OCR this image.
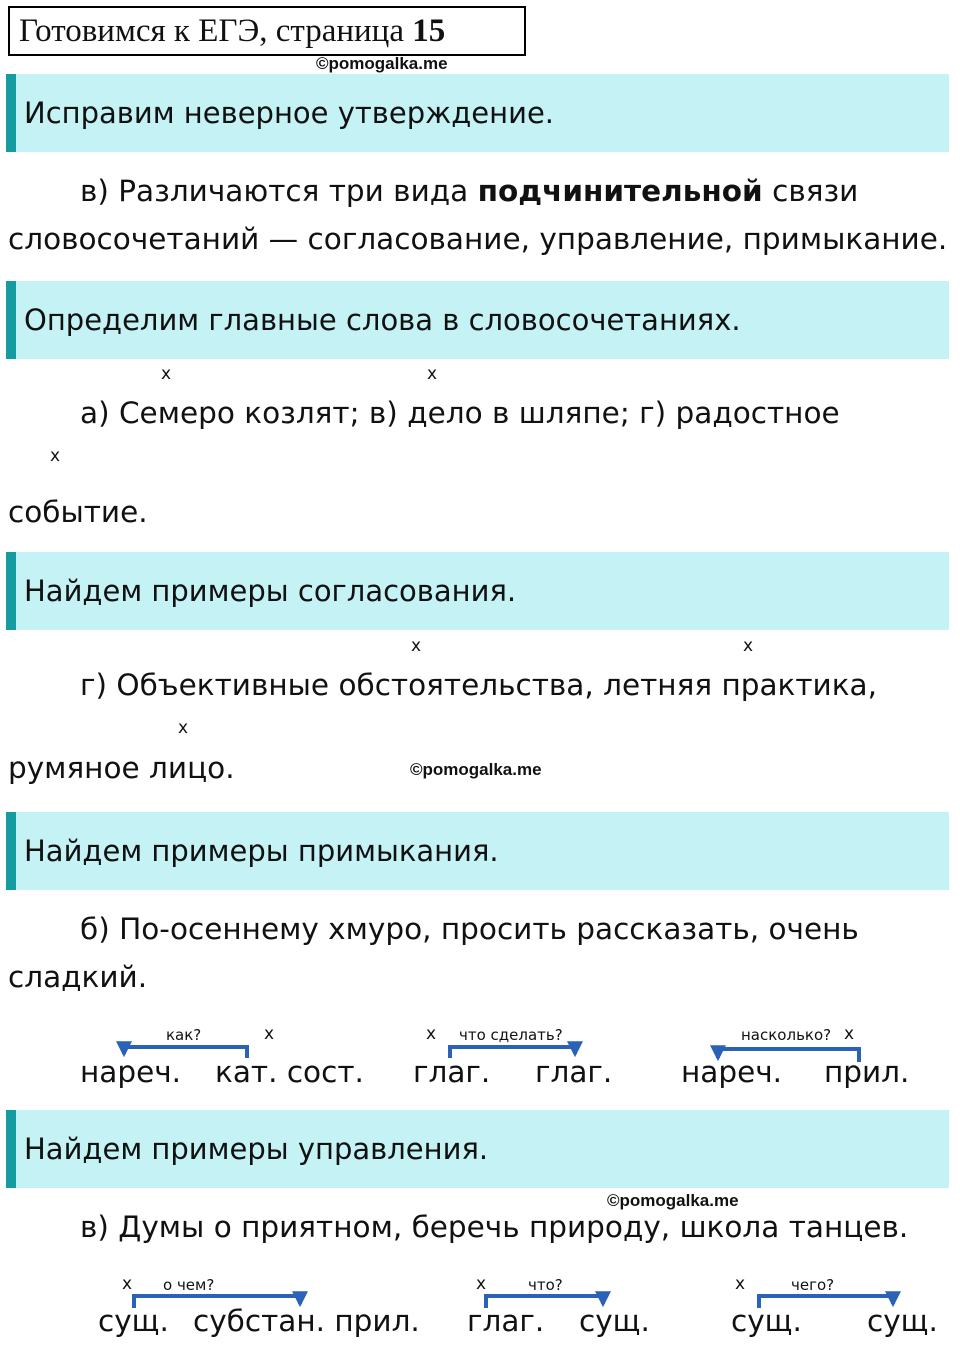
Готовимся к ЕГЭ, страница 15
©pomogalka.me
Исправим неверное утверждение.
в) Различаются три вида подчинительной связи
словосочетаний — согласование, управление, примыкание.
Определим главные слова в словосочетаниях.
x	x
а) Семеро козлят; в) дело в шляпе; г) радостное
x
событие.
Найдем примеры согласования.
x	x
г) Объективные обстоятельства, летняя практика,
x
румяное лицо.	©pomogalka.me
Найдем примеры примыкания.
б) По-осеннему хмуро, просить рассказать, очень
сладкий.
как?	x
нареч. кат. сост.
x что сделать?
глаг. глаг.
насколько? x
нареч. прил.
Найдем примеры управления.
©pomogalka.me
в) Думы о приятном, беречь природу, школа танцев.
x о чем?
сущ. субстан. прил.
x	что?
глаг. сущ.
x	чего?
сущ. сущ.
